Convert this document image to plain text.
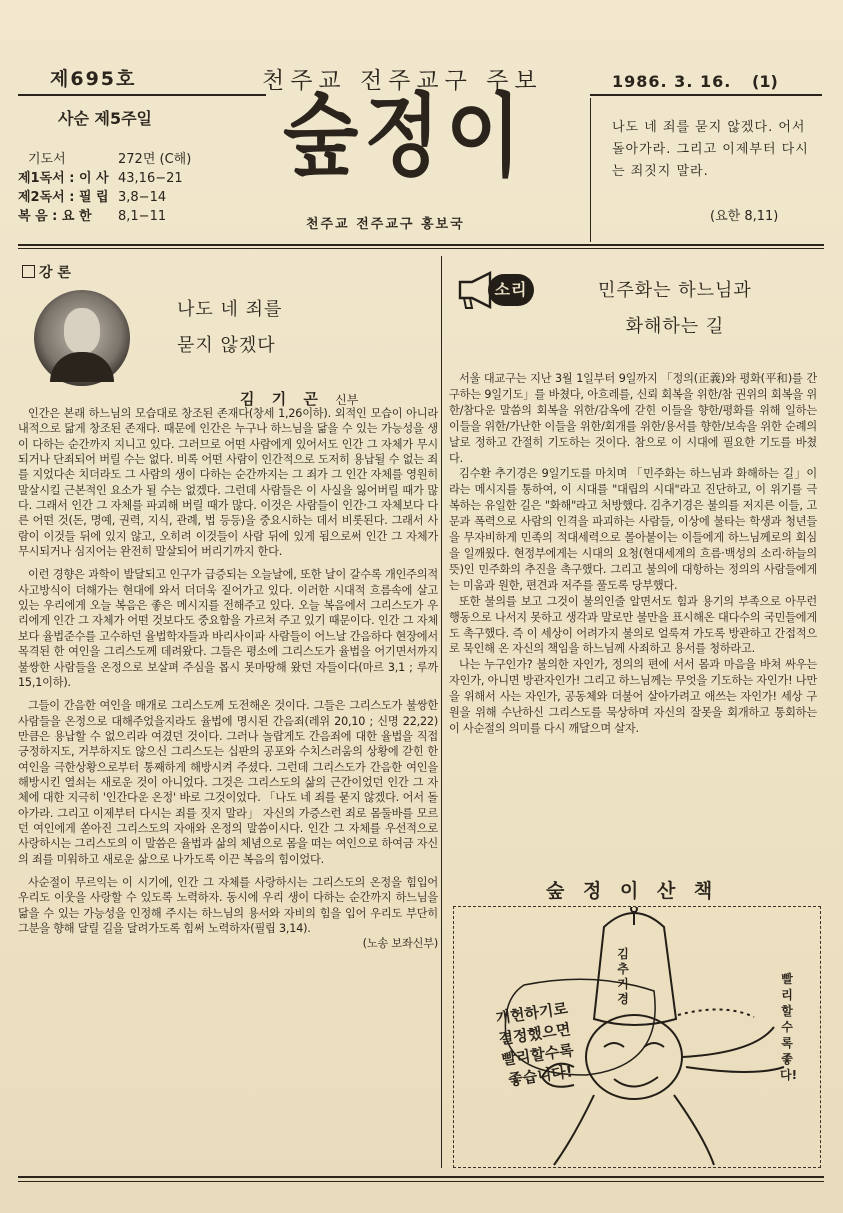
제695호	천주교 전주교구 주보	1986. 3. 16. (1)
사순 제5주일
기도서	272면 (C해)
제1독서 : 이 사 43,16−21
제2독서 : 필 립 3,8−14
복 음 : 요 한	8,1−11
숲정이
천주교 전주교구 홍보국
나도 네 죄를 묻지 않겠다. 어서 돌아가라. 그리고 이제부터 다시는 죄짓지 말라.
(요한 8,11)
강 론
나도 네 죄를
묻지 않겠다
김 기 곤 신부

인간은 본래 하느님의 모습대로 창조된 존재다(창세 1,26이하). 외적인 모습이 아니라 내적으로 닮게 창조된 존재다. 때문에 인간은 누구나 하느님을 닮을 수 있는 가능성을 생이 다하는 순간까지 지니고 있다. 그러므로 어떤 사람에게 있어서도 인간 그 자체가 무시되거나 단죄되어 버릴 수는 없다. 비록 어떤 사람이 인간적으로 도저히 용납될 수 없는 죄를 지었다손 치더라도 그 사람의 생이 다하는 순간까지는 그 죄가 그 인간 자체를 영원히 말살시킬 근본적인 요소가 될 수는 없겠다. 그런데 사람들은 이 사실을 잃어버릴 때가 많다. 그래서 인간 그 자체를 파괴해 버릴 때가 많다. 이것은 사람들이 인간·그 자체보다 다른 어떤 것(돈, 명예, 권력, 지식, 관례, 법 등등)을 중요시하는 데서 비롯된다. 그래서 사람이 이것들 뒤에 있지 않고, 오히려 이것들이 사람 뒤에 있게 됨으로써 인간 그 자체가 무시되거나 심지어는 완전히 말살되어 버리기까지 한다.

이런 경향은 과학이 발달되고 인구가 급증되는 오늘날에, 또한 날이 갈수록 개인주의적 사고방식이 더해가는 현대에 와서 더더욱 짙어가고 있다. 이러한 시대적 흐름속에 살고 있는 우리에게 오늘 복음은 좋은 메시지를 전해주고 있다. 오늘 복음에서 그리스도가 우리에게 인간 그 자체가 어떤 것보다도 중요함을 가르쳐 주고 있기 때문이다. 인간 그 자체보다 율법준수를 고수하던 율법학자들과 바리사이파 사람들이 어느날 간음하다 현장에서 목격된 한 여인을 그리스도께 데려왔다. 그들은 평소에 그리스도가 율법을 어기면서까지 불쌍한 사람들을 온정으로 보살펴 주심을 몹시 못마땅해 왔던 자들이다(마르 3,1 ; 루까 15,1이하).

그들이 간음한 여인을 매개로 그리스도께 도전해온 것이다. 그들은 그리스도가 불쌍한 사람들을 온정으로 대해주었을지라도 율법에 명시된 간음죄(레위 20,10 ; 신명 22,22) 만큼은 용납할 수 없으리라 여겼던 것이다. 그러나 놀랍게도 간음죄에 대한 율법을 직접 긍정하지도, 거부하지도 않으신 그리스도는 십판의 공포와 수치스러움의 상황에 갇힌 한 여인을 극한상황으로부터 통째하게 해방시켜 주셨다. 그런데 그리스도가 간음한 여인을 해방시킨 열쇠는 새로운 것이 아니었다. 그것은 그리스도의 삶의 근간이었던 인간 그 자체에 대한 지극히 '인간다운 온정' 바로 그것이었다. 「나도 네 죄를 묻지 않겠다. 어서 돌아가라. 그리고 이제부터 다시는 죄를 짓지 말라」 자신의 가증스런 죄로 몸둘바를 모르던 여인에게 쏟아진 그리스도의 자애와 온정의 말씀이시다. 인간 그 자체를 우선적으로 사랑하시는 그리스도의 이 말씀은 율법과 삶의 체념으로 몸을 떠는 여인으로 하여금 자신의 죄를 미워하고 새로운 삶으로 나가도록 이끈 복음의 힘이었다.

사순절이 무르익는 이 시기에, 인간 그 자체를 사랑하시는 그리스도의 온정을 힘입어 우리도 이웃을 사랑할 수 있도록 노력하자. 동시에 우리 생이 다하는 순간까지 하느님을 닮을 수 있는 가능성을 인정해 주시는 하느님의 용서와 자비의 힘을 입어 우리도 부단히 그분을 향해 달릴 길을 달려가도록 힘써 노력하자(필립 3,14).

(노송 보좌신부)

소리	민주화는 하느님과
화해하는 길

서울 대교구는 지난 3월 1일부터 9일까지 「정의(正義)와 평화(平和)를 간구하는 9일기도」를 바쳤다, 아흐레를, 신뢰 회복을 위한/참 권위의 회복을 위한/참다운 말씀의 회복을 위한/감옥에 갇힌 이들을 향한/평화를 위해 일하는 이들을 위한/가난한 이들을 위한/회개를 위한/용서를 향한/보속을 위한 순례의 날로 정하고 간절히 기도하는 것이다. 참으로 이 시대에 필요한 기도를 바쳤다.

김수환 추기경은 9일기도를 마치며 「민주화는 하느님과 화해하는 길」이라는 메시지를 통하여, 이 시대를 "대립의 시대"라고 진단하고, 이 위기를 극복하는 유일한 길은 "화해"라고 처방했다. 김추기경은 불의를 저지른 이들, 고문과 폭력으로 사람의 인격을 파괴하는 사람들, 이상에 불타는 학생과 청년들을 무자비하게 민족의 적대세력으로 몰아붙이는 이들에게 하느님께로의 회심을 일깨웠다. 현정부에게는 시대의 요청(현대세계의 흐름·백성의 소리·하늘의 뜻)인 민주화의 추진을 촉구했다. 그리고 불의에 대항하는 정의의 사람들에게는 미움과 원한, 편견과 저주를 풀도록 당부했다.

또한 불의를 보고 그것이 불의인줄 알면서도 힘과 용기의 부족으로 아무런 행동으로 나서지 못하고 생각과 말로만 불만을 표시해온 대다수의 국민들에게도 촉구했다. 즉 이 세상이 어려가지 불의로 얼룩져 가도록 방관하고 간접적으로 묵인해 온 자신의 책임을 하느님께 사죄하고 용서를 청하라고.

나는 누구인가? 불의한 자인가, 정의의 편에 서서 몸과 마음을 바쳐 싸우는 자인가, 아니면 방관자인가! 그리고 하느님께는 무엇을 기도하는 자인가! 나만을 위해서 사는 자인가, 공동체와 더불어 살아가려고 애쓰는 자인가! 세상 구원을 위해 수난하신 그리스도를 묵상하며 자신의 잘못을 회개하고 통회하는 이 사순절의 의미를 다시 깨달으며 살자.

숲 정 이 산 책
김추기경
개헌하기로
결정했으면
빨리할수록
좋습니다!
빨리할수록 좋다!
